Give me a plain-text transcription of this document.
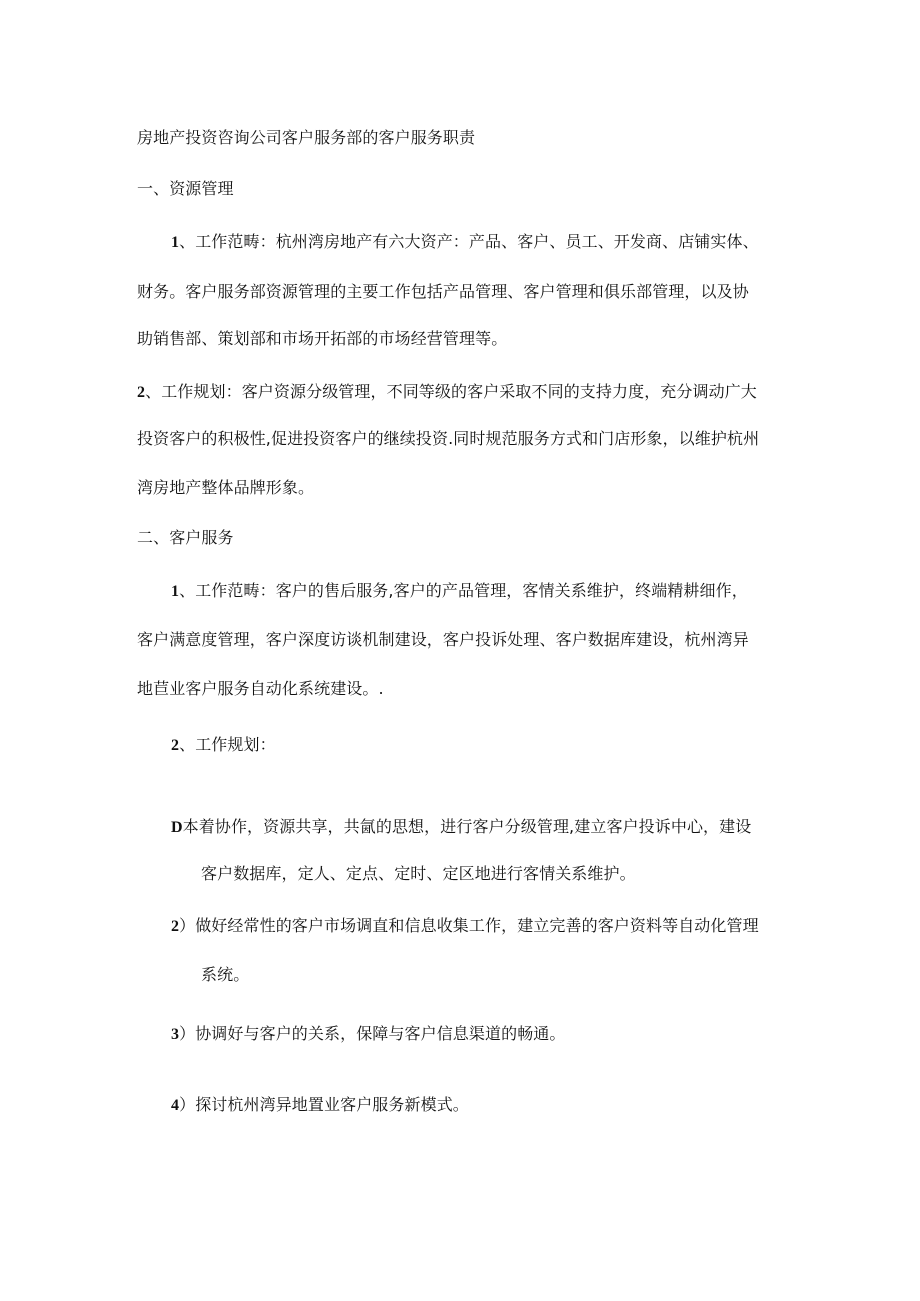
房地产投资咨询公司客户服务部的客户服务职责
一、资源管理
1、工作范畴：杭州湾房地产有六大资产：产品、客户、员工、开发商、店铺实体、
财务。客户服务部资源管理的主要工作包括产品管理、客户管理和俱乐部管理，以及协
助销售部、策划部和市场开拓部的市场经营管理等。
2、工作规划：客户资源分级管理，不同等级的客户采取不同的支持力度，充分调动广大
投资客户的积极性,促进投资客户的继续投资.同时规范服务方式和门店形象，以维护杭州
湾房地产整体品牌形象。
二、客户服务
1、工作范畴：客户的售后服务,客户的产品管理，客情关系维护，终端精耕细作，
客户满意度管理，客户深度访谈机制建设，客户投诉处理、客户数据库建设，杭州湾异
地苣业客户服务自动化系统建设。.
2、工作规划：
D本着协作，资源共享，共氤的思想，进行客户分级管理,建立客户投诉中心，建设
客户数据库，定人、定点、定时、定区地进行客情关系维护。
2）做好经常性的客户市场调直和信息收集工作，建立完善的客户资料等自动化管理
系统。
3）协调好与客户的关系，保障与客户信息渠道的畅通。
4）探讨杭州湾异地置业客户服务新模式。
